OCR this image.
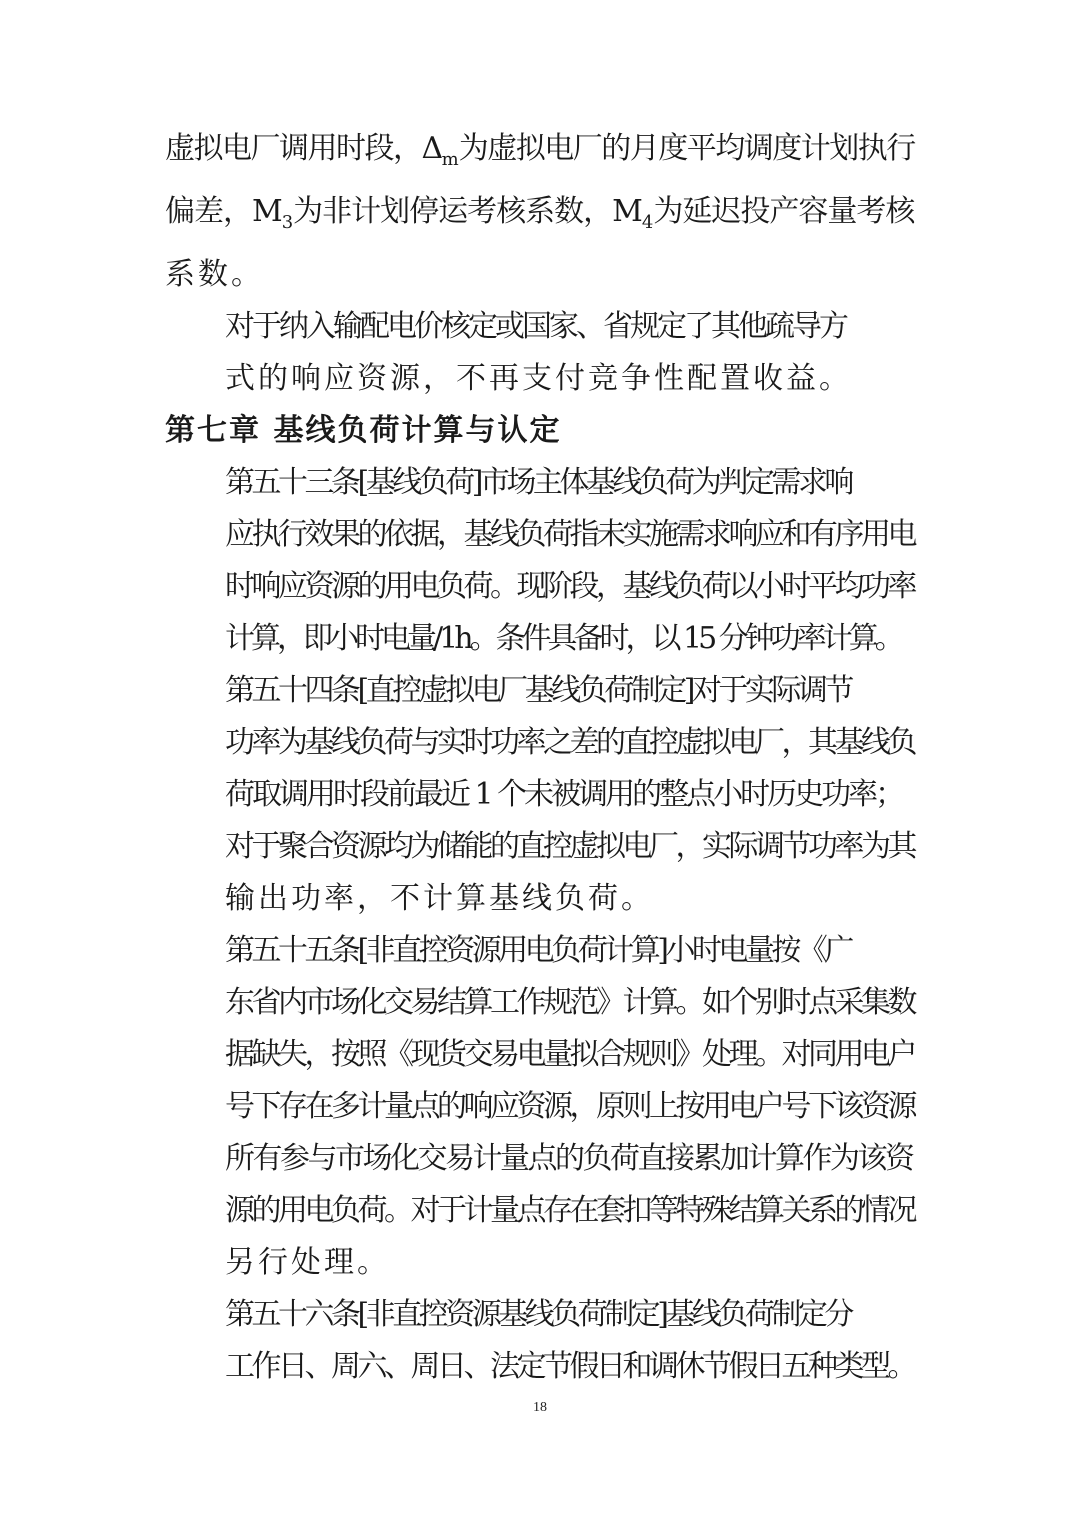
虚拟电厂调用时段，$\Delta_m$为虚拟电厂的月度平均调度计划执行
偏差，$M_3$为非计划停运考核系数，$M_4$为延迟投产容量考核
系数。

对于纳入输配电价核定或国家、省规定了其他疏导方
式的响应资源，不再支付竞争性配置收益。

第七章 基线负荷计算与认定

第五十三条[基线负荷]市场主体基线负荷为判定需求响
应执行效果的依据，基线负荷指未实施需求响应和有序用电
时响应资源的用电负荷。现阶段，基线负荷以小时平均功率
计算，即小时电量/1h。条件具备时，以 15 分钟功率计算。

第五十四条[直控虚拟电厂基线负荷制定]对于实际调节
功率为基线负荷与实时功率之差的直控虚拟电厂，其基线负
荷取调用时段前最近 1 个未被调用的整点小时历史功率；
对于聚合资源均为储能的直控虚拟电厂，实际调节功率为其
输出功率，不计算基线负荷。

第五十五条[非直控资源用电负荷计算]小时电量按《广
东省内市场化交易结算工作规范》计算。如个别时点采集数
据缺失，按照《现货交易电量拟合规则》处理。对同用电户
号下存在多计量点的响应资源，原则上按用电户号下该资源
所有参与市场化交易计量点的负荷直接累加计算作为该资
源的用电负荷。对于计量点存在套扣等特殊结算关系的情况
另行处理。

第五十六条[非直控资源基线负荷制定]基线负荷制定分
工作日、周六、周日、法定节假日和调休节假日五种类型。

18
